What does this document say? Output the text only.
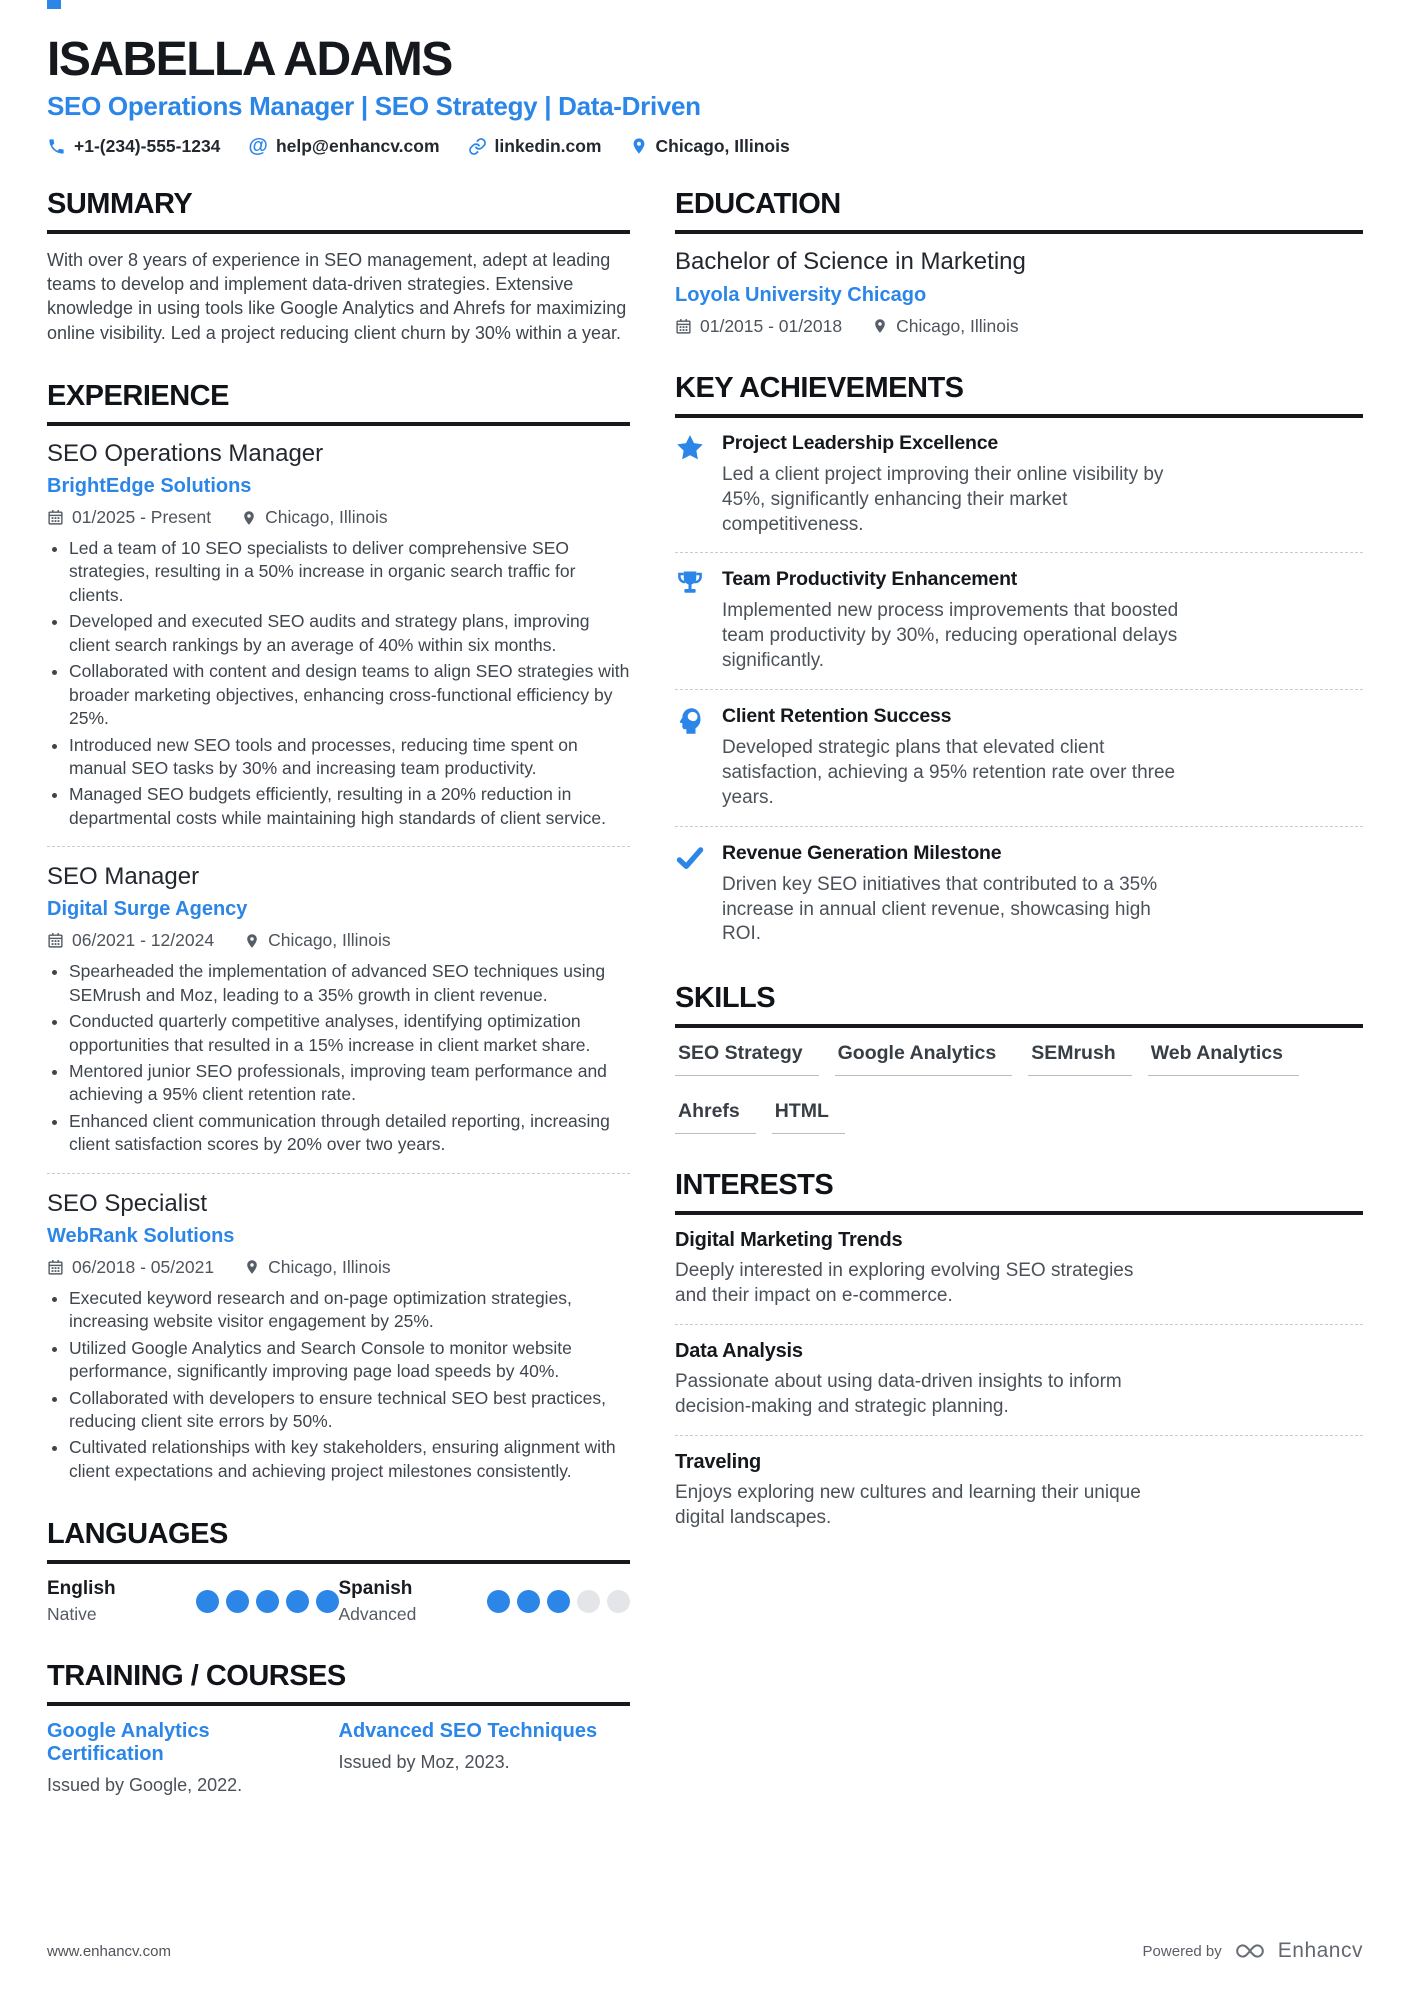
ISABELLA ADAMS
SEO Operations Manager | SEO Strategy | Data-Driven
+1-(234)-555-1234 @ help@enhancv.com	linkedin.com	Chicago, Illinois
SUMMARY
With over 8 years of experience in SEO management, adept at leading teams to develop and implement data-driven strategies. Extensive knowledge in using tools like Google Analytics and Ahrefs for maximizing online visibility. Led a project reducing client churn by 30% within a year.
EXPERIENCE
SEO Operations Manager
BrightEdge Solutions
01/2025 - Present	Chicago, Illinois
• Led a team of 10 SEO specialists to deliver comprehensive SEO strategies, resulting in a 50% increase in organic search traffic for clients.
• Developed and executed SEO audits and strategy plans, improving client search rankings by an average of 40% within six months.
• Collaborated with content and design teams to align SEO strategies with broader marketing objectives, enhancing cross-functional efficiency by 25%.
• Introduced new SEO tools and processes, reducing time spent on manual SEO tasks by 30% and increasing team productivity.
• Managed SEO budgets efficiently, resulting in a 20% reduction in departmental costs while maintaining high standards of client service.
SEO Manager
Digital Surge Agency
06/2021 - 12/2024	Chicago, Illinois
• Spearheaded the implementation of advanced SEO techniques using SEMrush and Moz, leading to a 35% growth in client revenue.
• Conducted quarterly competitive analyses, identifying optimization opportunities that resulted in a 15% increase in client market share.
• Mentored junior SEO professionals, improving team performance and achieving a 95% client retention rate.
• Enhanced client communication through detailed reporting, increasing client satisfaction scores by 20% over two years.
SEO Specialist
WebRank Solutions
06/2018 - 05/2021	Chicago, Illinois
• Executed keyword research and on-page optimization strategies, increasing website visitor engagement by 25%.
• Utilized Google Analytics and Search Console to monitor website performance, significantly improving page load speeds by 40%.
• Collaborated with developers to ensure technical SEO best practices, reducing client site errors by 50%.
• Cultivated relationships with key stakeholders, ensuring alignment with client expectations and achieving project milestones consistently.
LANGUAGES
English
Native
Spanish
Advanced
TRAINING / COURSES
Google Analytics Certification
Issued by Google, 2022.
Advanced SEO Techniques
Issued by Moz, 2023.
EDUCATION
Bachelor of Science in Marketing
Loyola University Chicago
01/2015 - 01/2018	Chicago, Illinois
KEY ACHIEVEMENTS
Project Leadership Excellence
Led a client project improving their online visibility by 45%, significantly enhancing their market competitiveness.
Team Productivity Enhancement
Implemented new process improvements that boosted team productivity by 30%, reducing operational delays significantly.
Client Retention Success
Developed strategic plans that elevated client satisfaction, achieving a 95% retention rate over three years.
Revenue Generation Milestone
Driven key SEO initiatives that contributed to a 35% increase in annual client revenue, showcasing high ROI.
SKILLS
SEO Strategy	Google Analytics	SEMrush	Web Analytics
Ahrefs	HTML
INTERESTS
Digital Marketing Trends
Deeply interested in exploring evolving SEO strategies and their impact on e-commerce.
Data Analysis
Passionate about using data-driven insights to inform decision-making and strategic planning.
Traveling
Enjoys exploring new cultures and learning their unique digital landscapes.
www.enhancv.com	Powered by	Enhancv
